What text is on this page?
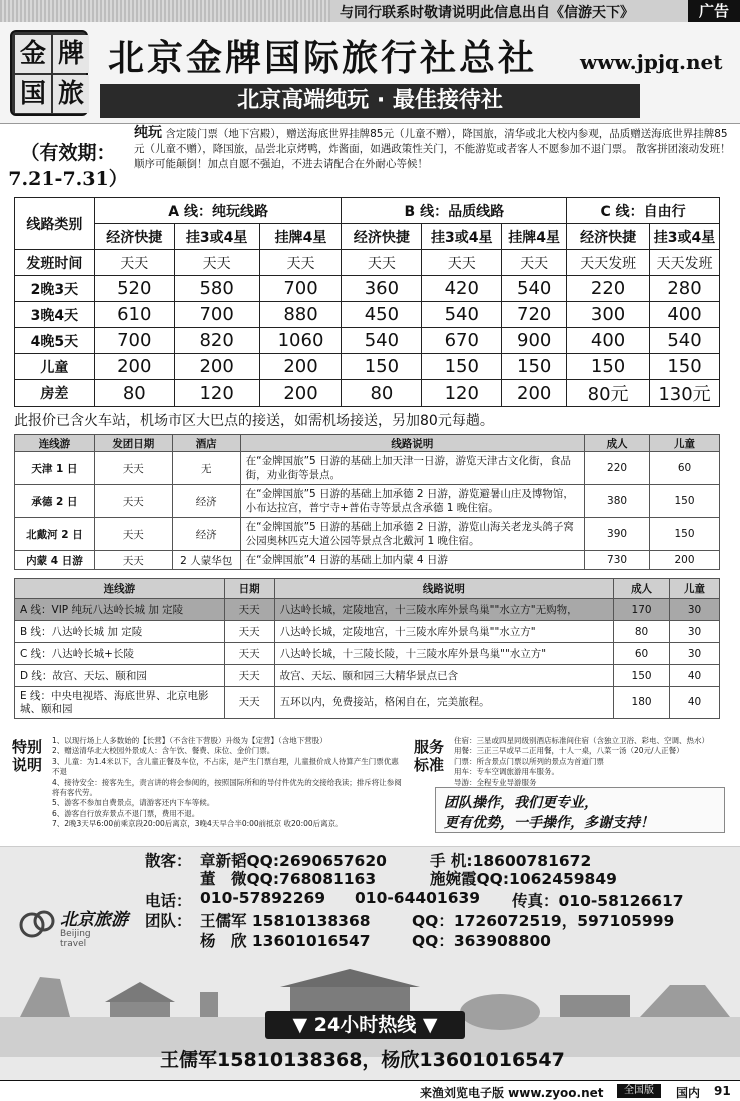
与同行联系时敬请说明此信息出自《信游天下》	广告
金 牌
国 旅
北京金牌国际旅行社总社 www.jpjq.net
北京高端纯玩 · 最佳接待社
（有效期：
7.21-7.31）
纯玩 含定陵门票（地下宫殿），赠送海底世界挂牌85元（儿童不赠），降国旅，清华或北大校内参观，品质赠送海底世界挂牌85元（儿童不赠），降国旅，品尝北京烤鸭，炸酱面，如遇政策性关门，不能游览或者客人不愿参加不退门票。 散客拼团滚动发班！顺序可能颠倒！加点自愿不强迫，不进去请配合在外耐心等候！
线路类别	A 线：纯玩线路			B 线：品质线路			C 线：自由行	
	经济快捷	挂3或4星	挂牌4星	经济快捷	挂3或4星	挂牌4星	经济快捷	挂3或4星
发班时间	天天	天天	天天	天天	天天	天天	天天发班	天天发班
2晚3天	520	580	700	360	420	540	220	280
3晚4天	610	700	880	450	540	720	300	400
4晚5天	700	820	1060	540	670	900	400	540
儿童	200	200	200	150	150	150	150	150
房差	80	120	200	80	120	200	80元	130元
此报价已含火车站，机场市区大巴点的接送，如需机场接送，另加80元每趟。
连线游	发团日期	酒店	线路说明	成人	儿童
天津 1 日	天天	无	在“金牌国旅”5 日游的基础上加天津一日游，游览天津古文化街，食品街，劝业街等景点。	220	60
承德 2 日	天天	经济	在“金牌国旅”5 日游的基础上加承德 2 日游，游览避暑山庄及博物馆，小布达拉宫，普宁寺+普佑寺等景点含承德 1 晚住宿。	380	150
北戴河 2 日	天天	经济	在“金牌国旅”5 日游的基础上加承德 2 日游，游览山海关老龙头鸽子窝公园奥林匹克大道公园等景点含北戴河 1 晚住宿。	390	150
内蒙 4 日游	天天	2 人蒙华包	在“金牌国旅”4 日游的基础上加内蒙 4 日游	730	200
连线游	日期	线路说明	成人	儿童
A 线：VIP 纯玩八达岭长城 加 定陵	天天	八达岭长城，定陵地宫，十三陵水库外景鸟巢""水立方"无购物，	170	30
B 线：八达岭长城 加 定陵	天天	八达岭长城，定陵地宫，十三陵水库外景鸟巢""水立方"	80	30
C 线：八达岭长城+长陵	天天	八达岭长城，十三陵长陵，十三陵水库外景鸟巢""水立方"	60	30
D 线：故宫、天坛、颐和园	天天	故宫、天坛、颐和园三大精华景点已含	150	40
E 线：中央电视塔、海底世界、北京电影城、颐和园	天天	五环以内，免费接站，格闲自在，完美旅程。	180	40
特别
说明
1、以现行场上人多数始的【长营】（不含往下营股）升级为【定营】（含地下营股）
2、赠送清华北大校园外景成人：含午饮、餐费、床位、金价门票。
3、儿童：为1.4米以下，含儿童正餐及车位，不占床，是产生门票自理，儿童报价成人待算产生门票优惠不退
4、接待安全：接客先生，责言讲的将会参阅的，按照国际所和的导付件优先的交接给我读；排斥将让参阅将有客代劳。
5、游客不参加自费景点，请游客还内下车等候。
6、游客自行放弃景点不退门票，费用不退。
7、2晚3天早6:00前乘京段20:00后离京，3晚4天早合半0:00前抵京 收20:00后离京。
服务
标准
住宿：三星或四星同级别酒店标准间住宿（含独立卫浴、彩电、空调、热水）
用餐：三正三早或早二正用餐，十人一桌，八菜一汤（20元/人正餐）
门票：所含景点门票以所列的景点为首道门票
用车：专车空调旅游用车服务。
导游：全程专业导游服务
团队操作，我们更专业，
更有优势，一手操作，多谢支持！
散客： 章新韬QQ:2690657620	手 机:18600781672
董　微QQ:768081163	施婉霞QQ:1062459849
电话： 010-57892269 010-64401639 传真：010-58126617
团队： 王儒军 15810138368	QQ：1726072519，597105999
杨　欣 13601016547	QQ：363908800
北京旅游
Beijing travel
▼ 24小时热线 ▼
王儒军15810138368，杨欣13601016547
来渔刘览电子版 www.zyoo.net	全国版	国内 91
